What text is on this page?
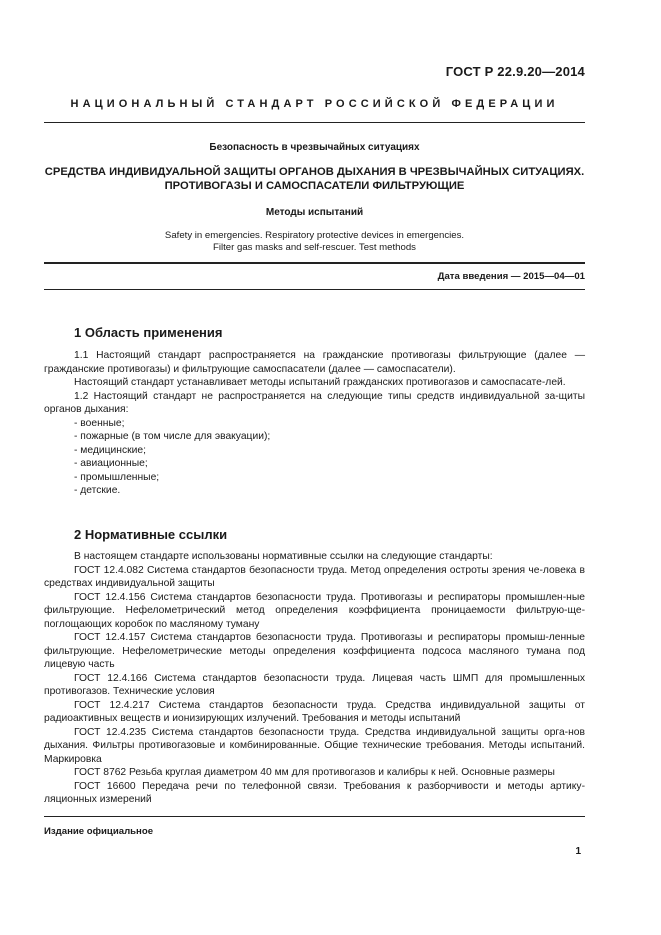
ГОСТ Р 22.9.20—2014
НАЦИОНАЛЬНЫЙ СТАНДАРТ РОССИЙСКОЙ ФЕДЕРАЦИИ
Безопасность в чрезвычайных ситуациях
СРЕДСТВА ИНДИВИДУАЛЬНОЙ ЗАЩИТЫ ОРГАНОВ ДЫХАНИЯ В ЧРЕЗВЫЧАЙНЫХ СИТУАЦИЯХ.
ПРОТИВОГАЗЫ И САМОСПАСАТЕЛИ ФИЛЬТРУЮЩИЕ
Методы испытаний
Safety in emergencies. Respiratory protective devices in emergencies.
Filter gas masks and self-rescuer. Test methods
Дата введения — 2015—04—01
1 Область применения

1.1 Настоящий стандарт распространяется на гражданские противогазы фильтрующие (далее — гражданские противогазы) и фильтрующие самоспасатели (далее — самоспасатели).

Настоящий стандарт устанавливает методы испытаний гражданских противогазов и самоспасате-лей.

1.2 Настоящий стандарт не распространяется на следующие типы средств индивидуальной за-щиты органов дыхания:

- военные;

- пожарные (в том числе для эвакуации);

- медицинские;

- авиационные;

- промышленные;

- детские.

2 Нормативные ссылки

В настоящем стандарте использованы нормативные ссылки на следующие стандарты:

ГОСТ 12.4.082 Система стандартов безопасности труда. Метод определения остроты зрения че-ловека в средствах индивидуальной защиты

ГОСТ 12.4.156 Система стандартов безопасности труда. Противогазы и респираторы промышлен-ные фильтрующие. Нефелометрический метод определения коэффициента проницаемости фильтрую-ще-поглощающих коробок по масляному туману

ГОСТ 12.4.157 Система стандартов безопасности труда. Противогазы и респираторы промыш-ленные фильтрующие. Нефелометрические методы определения коэффициента подсоса масляного тумана под лицевую часть

ГОСТ 12.4.166 Система стандартов безопасности труда. Лицевая часть ШМП для промышленных противогазов. Технические условия

ГОСТ 12.4.217 Система стандартов безопасности труда. Средства индивидуальной защиты от радиоактивных веществ и ионизирующих излучений. Требования и методы испытаний

ГОСТ 12.4.235 Система стандартов безопасности труда. Средства индивидуальной защиты орга-нов дыхания. Фильтры противогазовые и комбинированные. Общие технические требования. Методы испытаний. Маркировка

ГОСТ 8762 Резьба круглая диаметром 40 мм для противогазов и калибры к ней. Основные размеры

ГОСТ 16600 Передача речи по телефонной связи. Требования к разборчивости и методы артику-ляционных измерений

Издание официальное
1
